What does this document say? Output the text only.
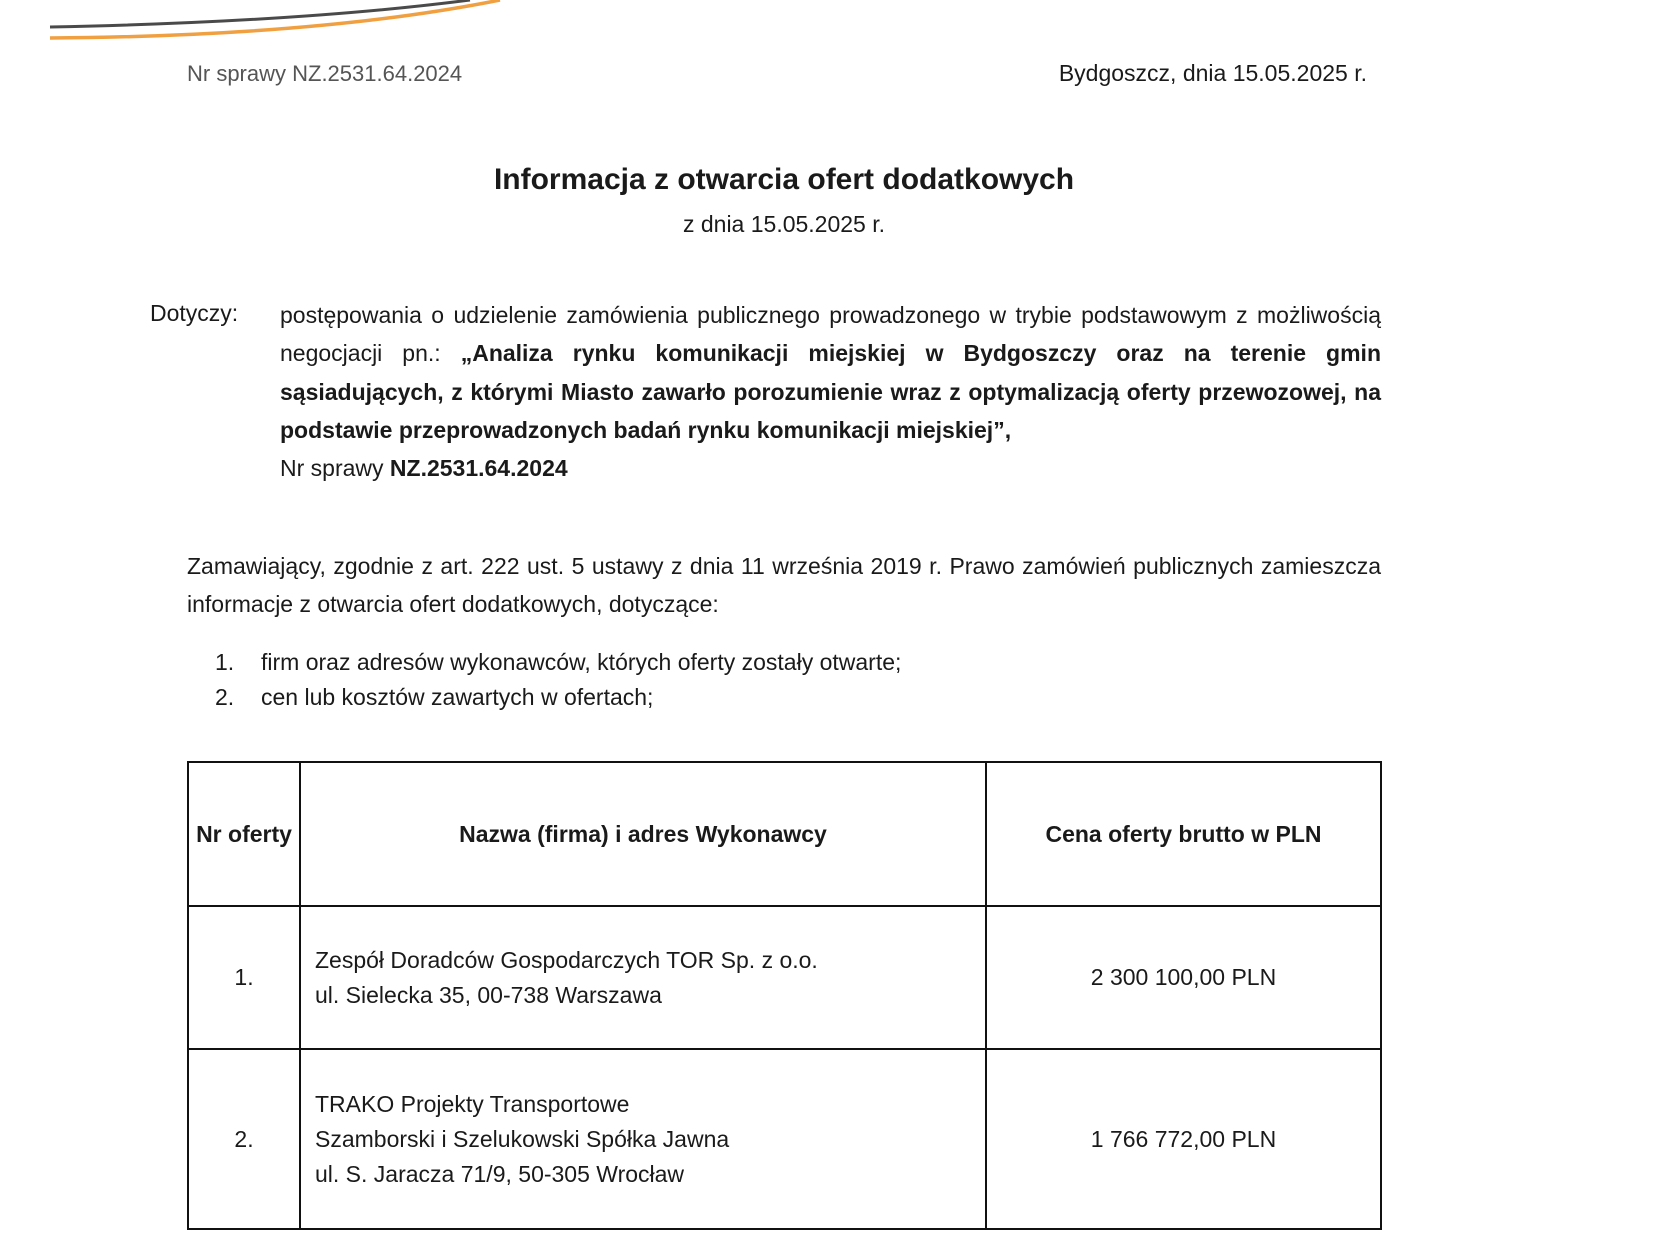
Nr sprawy NZ.2531.64.2024	Bydgoszcz, dnia 15.05.2025 r.
Informacja z otwarcia ofert dodatkowych
z dnia 15.05.2025 r.
Dotyczy: postępowania o udzielenie zamówienia publicznego prowadzonego w trybie podstawowym z możliwością negocjacji pn.: „Analiza rynku komunikacji miejskiej w Bydgoszczy oraz na terenie gmin sąsiadujących, z którymi Miasto zawarło porozumienie wraz z optymalizacją oferty przewozowej, na podstawie przeprowadzonych badań rynku komunikacji miejskiej”,
Nr sprawy NZ.2531.64.2024
Zamawiający, zgodnie z art. 222 ust. 5 ustawy z dnia 11 września 2019 r. Prawo zamówień publicznych zamieszcza informacje z otwarcia ofert dodatkowych, dotyczące:
1. firm oraz adresów wykonawców, których oferty zostały otwarte;
2. cen lub kosztów zawartych w ofertach;
Nr oferty	Nazwa (firma) i adres Wykonawcy	Cena oferty brutto w PLN
1.	Zespół Doradców Gospodarczych TOR Sp. z o.o.
ul. Sielecka 35, 00-738 Warszawa	2 300 100,00 PLN
2.	TRAKO Projekty Transportowe
Szamborski i Szelukowski Spółka Jawna
ul. S. Jaracza 71/9, 50-305 Wrocław	1 766 772,00 PLN
